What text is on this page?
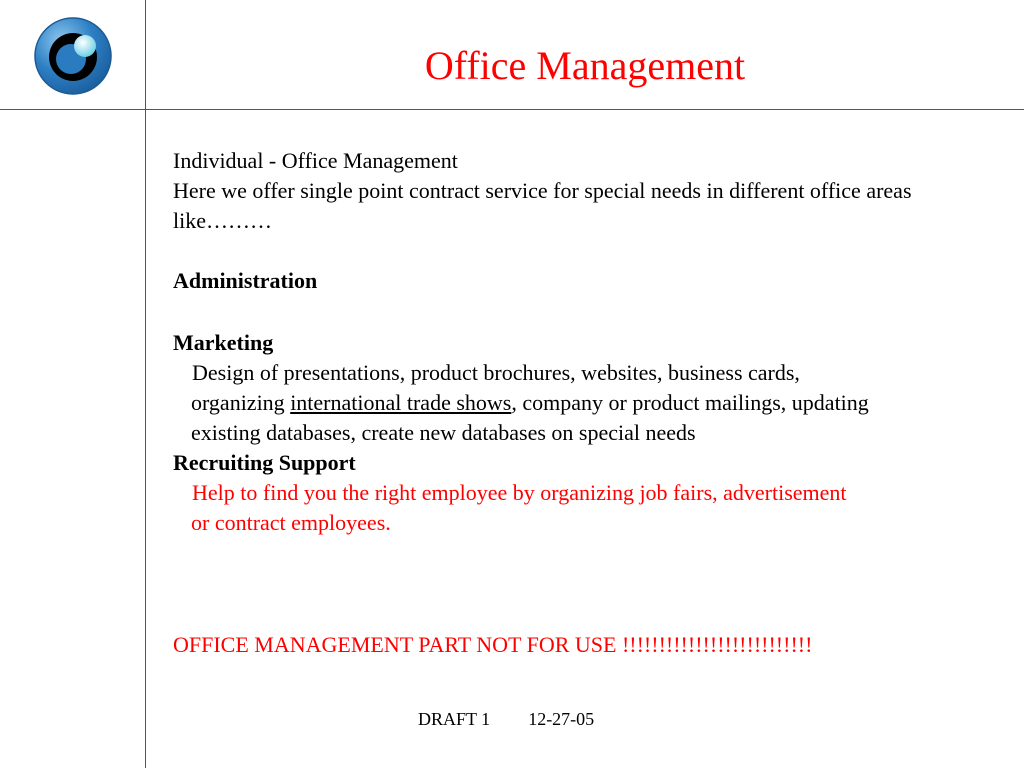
Office Management
Individual - Office Management
Here we offer single point contract service for special needs in different office areas
like………
Administration
Marketing
Design of presentations, product brochures, websites, business cards,
organizing international trade shows, company or product mailings, updating
existing databases, create new databases on special needs
Recruiting Support
Help to find you the right employee by organizing job fairs, advertisement
or contract employees.
OFFICE MANAGEMENT PART NOT FOR USE !!!!!!!!!!!!!!!!!!!!!!!!!!
DRAFT 1 12-27-05
